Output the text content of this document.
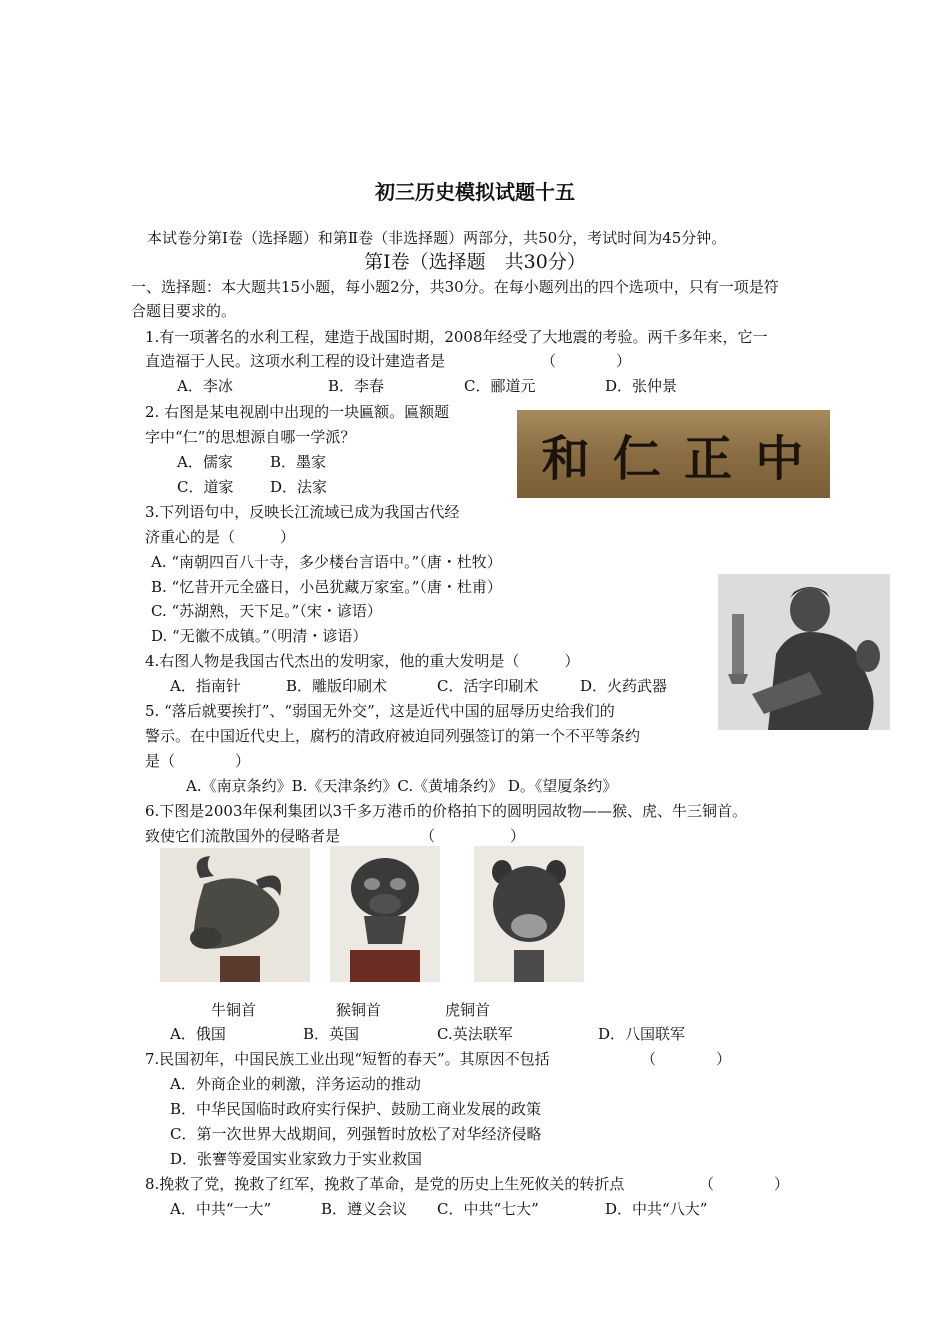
初三历史模拟试题十五
本试卷分第Ⅰ卷（选择题）和第Ⅱ卷（非选择题）两部分，共50分，考试时间为45分钟。
第Ⅰ卷（选择题　共30分）
一、选择题：本大题共15小题，每小题2分，共30分。在每小题列出的四个选项中，只有一项是符
合题目要求的。
1.有一项著名的水利工程，建造于战国时期，2008年经受了大地震的考验。两千多年来，它一
直造福于人民。这项水利工程的设计建造者是	（　　　　）
A．李冰	B．李春	C．郦道元	D．张仲景
2. 右图是某电视剧中出现的一块匾额。匾额题
字中“仁”的思想源自哪一学派？
A．儒家 B．墨家
C．道家 D．法家
和 仁 正 中
3.下列语句中，反映长江流域已成为我国古代经
济重心的是（　　　）
A. “南朝四百八十寺，多少楼台言语中。”（唐・杜牧）
B. “忆昔开元全盛日，小邑犹藏万家室。”（唐・杜甫）
C. “苏湖熟，天下足。”（宋・谚语）
D. “无徽不成镇。”（明清・谚语）
4.右图人物是我国古代杰出的发明家，他的重大发明是（　　　）
A．指南针	B．雕版印刷术	C．活字印刷术	D．火药武器
5. “落后就要挨打”、“弱国无外交”，这是近代中国的屈辱历史给我们的
警示。在中国近代史上，腐朽的清政府被迫同列强签订的第一个不平等条约
是（　　　　）
A.《南京条约》B.《天津条约》C.《黄埔条约》 D。《望厦条约》
6.下图是2003年保利集团以3千多万港币的价格拍下的圆明园故物——猴、虎、牛三铜首。
致使它们流散国外的侵略者是	（　　　　　）
牛铜首	猴铜首	虎铜首
A．俄国	B．英国	C.英法联军	D．八国联军
7.民国初年，中国民族工业出现“短暂的春天”。其原因不包括	（　　　　）
A．外商企业的刺激，洋务运动的推动
B．中华民国临时政府实行保护、鼓励工商业发展的政策
C．第一次世界大战期间，列强暂时放松了对华经济侵略
D．张謇等爱国实业家致力于实业救国
8.挽救了党，挽救了红军，挽救了革命，是党的历史上生死攸关的转折点	（　　　　）
A．中共“一大”	B．遵义会议 C．中共“七大”	D．中共“八大”
